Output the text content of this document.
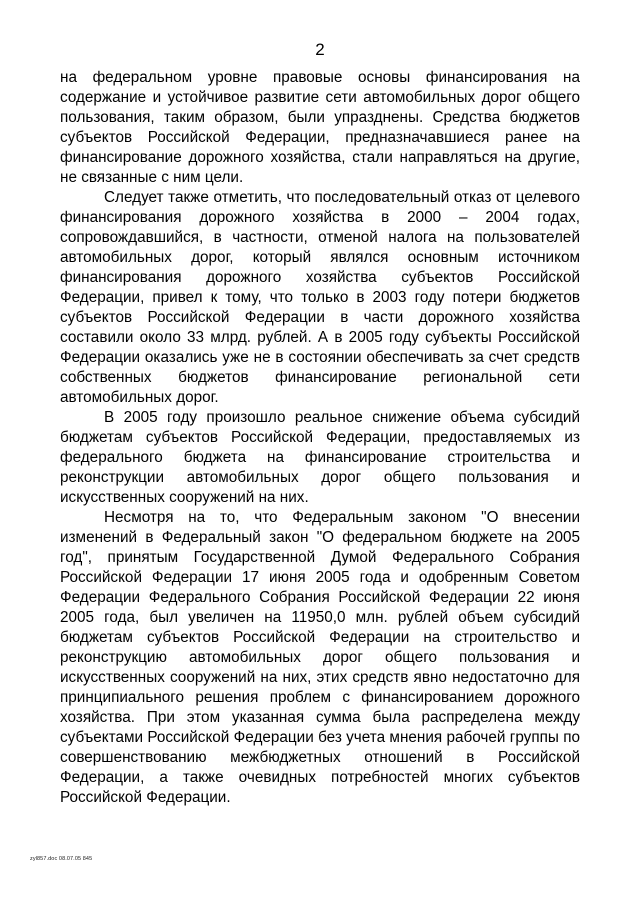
2

на федеральном уровне правовые основы финансирования на содержание и устойчивое развитие сети автомобильных дорог общего пользования, таким образом, были упразднены. Средства бюджетов субъектов Российской Федерации, предназначавшиеся ранее на финансирование дорожного хозяйства, стали направляться на другие, не связанные с ним цели.

Следует также отметить, что последовательный отказ от целевого финансирования дорожного хозяйства в 2000 – 2004 годах, сопровождавшийся, в частности, отменой налога на пользователей автомобильных дорог, который являлся основным источником финансирования дорожного хозяйства субъектов Российской Федерации, привел к тому, что только в 2003 году потери бюджетов субъектов Российской Федерации в части дорожного хозяйства составили около 33 млрд. рублей. А в 2005 году субъекты Российской Федерации оказались уже не в состоянии обеспечивать за счет средств собственных бюджетов финансирование региональной сети автомобильных дорог.

В 2005 году произошло реальное снижение объема субсидий бюджетам субъектов Российской Федерации, предоставляемых из федерального бюджета на финансирование строительства и реконструкции автомобильных дорог общего пользования и искусственных сооружений на них.

Несмотря на то, что Федеральным законом "О внесении изменений в Федеральный закон "О федеральном бюджете на 2005 год", принятым Государственной Думой Федерального Собрания Российской Федерации 17 июня 2005 года и одобренным Советом Федерации Федерального Собрания Российской Федерации 22 июня 2005 года, был увеличен на 11950,0 млн. рублей объем субсидий бюджетам субъектов Российской Федерации на строительство и реконструкцию автомобильных дорог общего пользования и искусственных сооружений на них, этих средств явно недостаточно для принципиального решения проблем с финансированием дорожного хозяйства. При этом указанная сумма была распределена между субъектами Российской Федерации без учета мнения рабочей группы по совершенствованию межбюджетных отношений в Российской Федерации, а также очевидных потребностей многих субъектов Российской Федерации.

zyl857.doc 08.07.05 845
